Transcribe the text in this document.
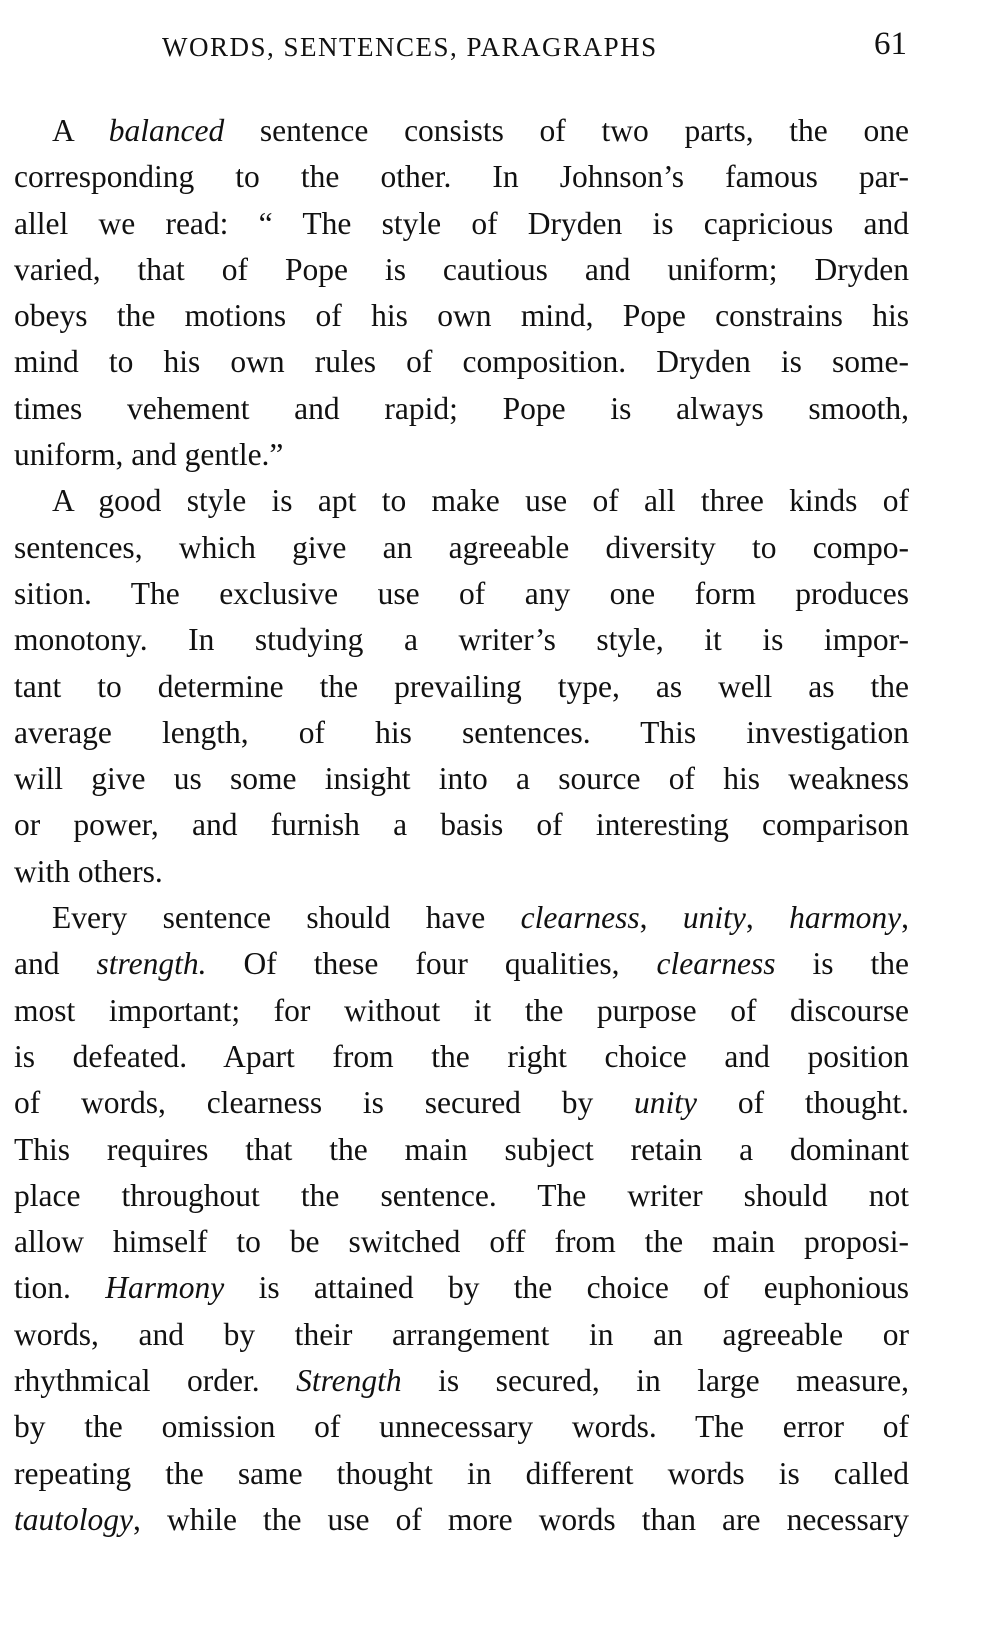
WORDS, SENTENCES, PARAGRAPHS	61
A balanced sentence consists of two parts, the one
corresponding to the other. In Johnson’s famous par-
allel we read: “ The style of Dryden is capricious and
varied, that of Pope is cautious and uniform; Dryden
obeys the motions of his own mind, Pope constrains his
mind to his own rules of composition. Dryden is some-
times vehement and rapid; Pope is always smooth,
uniform, and gentle.”
A good style is apt to make use of all three kinds of
sentences, which give an agreeable diversity to compo-
sition. The exclusive use of any one form produces
monotony. In studying a writer’s style, it is impor-
tant to determine the prevailing type, as well as the
average length, of his sentences. This investigation
will give us some insight into a source of his weakness
or power, and furnish a basis of interesting comparison
with others.
Every sentence should have clearness, unity, harmony,
and strength. Of these four qualities, clearness is the
most important; for without it the purpose of discourse
is defeated. Apart from the right choice and position
of words, clearness is secured by unity of thought.
This requires that the main subject retain a dominant
place throughout the sentence. The writer should not
allow himself to be switched off from the main proposi-
tion. Harmony is attained by the choice of euphonious
words, and by their arrangement in an agreeable or
rhythmical order. Strength is secured, in large measure,
by the omission of unnecessary words. The error of
repeating the same thought in different words is called
tautology, while the use of more words than are necessary
